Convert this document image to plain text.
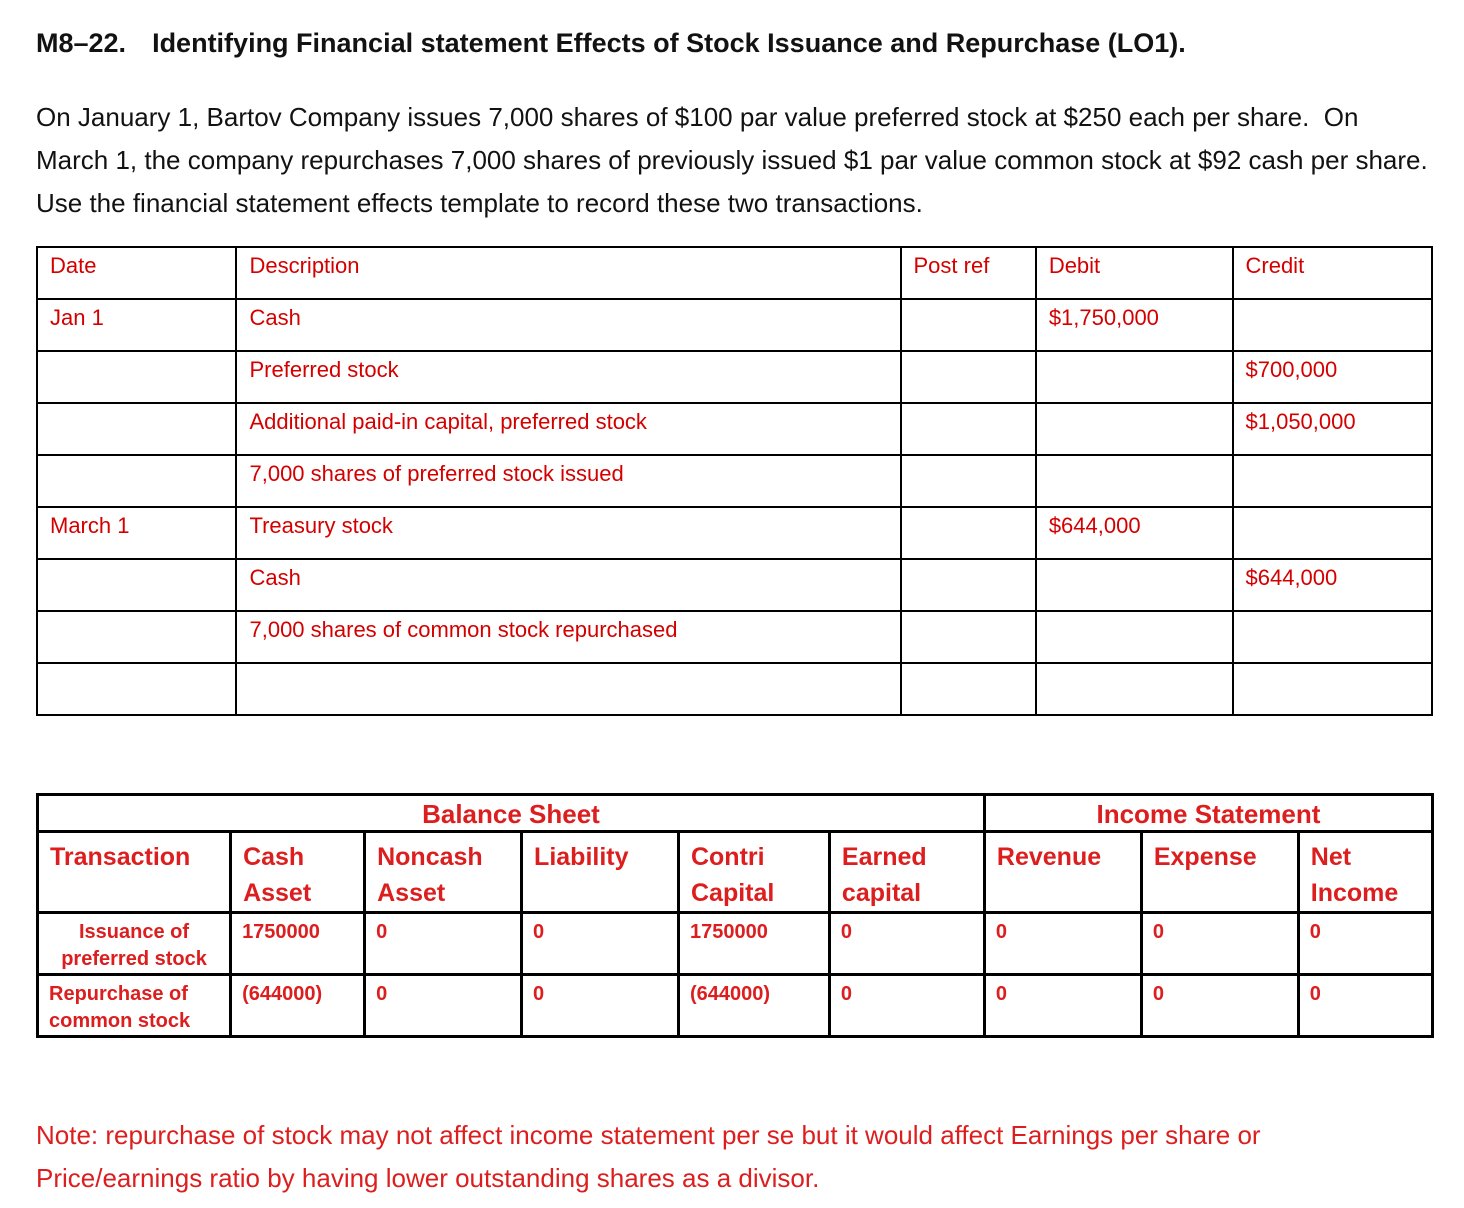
M8–22. Identifying Financial statement Effects of Stock Issuance and Repurchase (LO1).

On January 1, Bartov Company issues 7,000 shares of $100 par value preferred stock at $250 each per share.  On March 1, the company repurchases 7,000 shares of previously issued $1 par value common stock at $92 cash per share.  Use the financial statement effects template to record these two transactions.

Date	Description	Post ref	Debit	Credit
Jan 1	Cash		$1,750,000	
	Preferred stock			$700,000
	Additional paid-in capital, preferred stock			$1,050,000
	7,000 shares of preferred stock issued			
March 1	Treasury stock		$644,000	
	Cash			$644,000
	7,000 shares of common stock repurchased			

Balance Sheet						Income Statement		
Transaction	Cash Asset	Noncash Asset	Liability	Contri Capital	Earned capital	Revenue	Expense	Net Income
Issuance of preferred stock	1750000	0	0	1750000	0	0	0	0
Repurchase of common stock	(644000)	0	0	(644000)	0	0	0	0

Note: repurchase of stock may not affect income statement per se but it would affect Earnings per share or Price/earnings ratio by having lower outstanding shares as a divisor.
